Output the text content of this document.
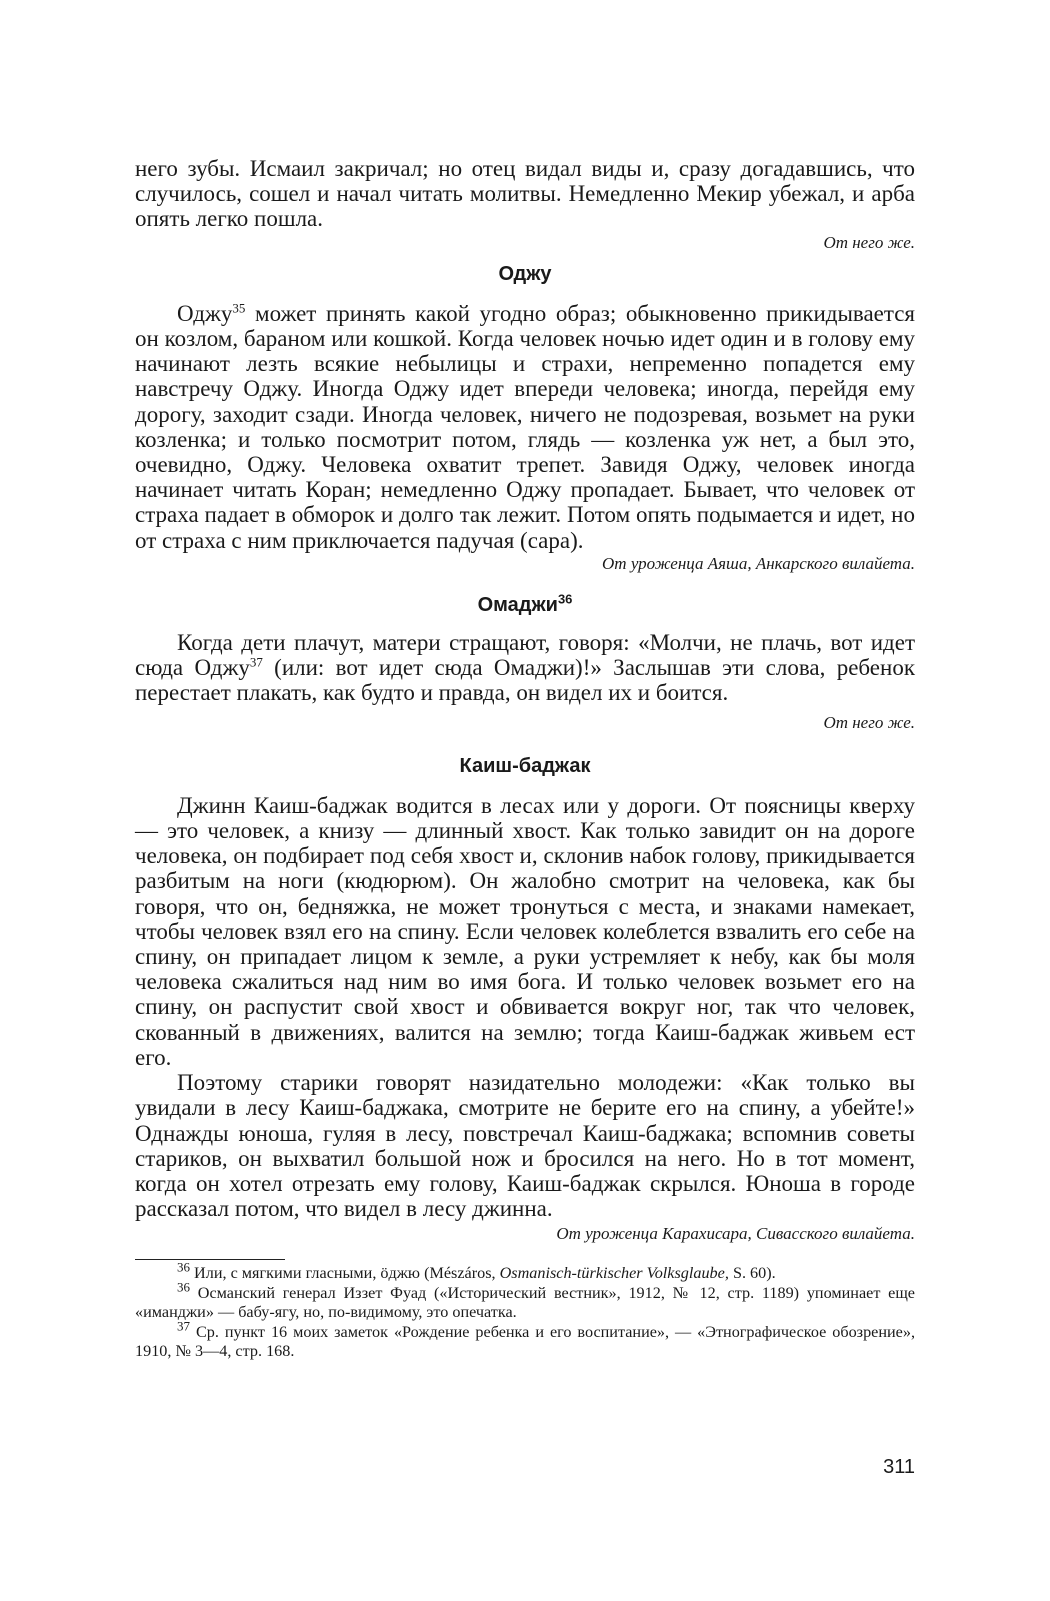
него зубы. Исмаил закричал; но отец видал виды и, сразу догадавшись, что случилось, сошел и начал читать молитвы. Немедленно Мекир убежал, и арба опять легко пошла.

От него же.

Оджу

Оджу$^{35}$ может принять какой угодно образ; обыкновенно прикидывается он козлом, бараном или кошкой. Когда человек ночью идет один и в голову ему начинают лезть всякие небылицы и страхи, непременно попадется ему навстречу Оджу. Иногда Оджу идет впереди человека; иногда, перейдя ему дорогу, заходит сзади. Иногда человек, ничего не подозревая, возьмет на руки козленка; и только посмотрит потом, глядь — козленка уж нет, а был это, очевидно, Оджу. Человека охватит трепет. Завидя Оджу, человек иногда начинает читать Коран; немедленно Оджу пропадает. Бывает, что человек от страха падает в обморок и долго так лежит. Потом опять подымается и идет, но от страха с ним приключается падучая (сара).

От уроженца Аяша, Анкарского вилайета.

Омаджи$^{36}$

Когда дети плачут, матери стращают, говоря: «Молчи, не плачь, вот идет сюда Оджу$^{37}$ (или: вот идет сюда Омаджи)!» Заслышав эти слова, ребенок перестает плакать, как будто и правда, он видел их и боится.

От него же.

Каиш-баджак

Джинн Каиш-баджак водится в лесах или у дороги. От поясницы кверху — это человек, а книзу — длинный хвост. Как только завидит он на дороге человека, он подбирает под себя хвост и, склонив набок голову, прикидывается разбитым на ноги (кюдюрюм). Он жалобно смотрит на человека, как бы говоря, что он, бедняжка, не может тронуться с места, и знаками намекает, чтобы человек взял его на спину. Если человек колеблется взвалить его себе на спину, он припадает лицом к земле, а руки устремляет к небу, как бы моля человека сжалиться над ним во имя бога. И только человек возьмет его на спину, он распустит свой хвост и обвивается вокруг ног, так что человек, скованный в движениях, валится на землю; тогда Каиш-баджак живьем ест его.

Поэтому старики говорят назидательно молодежи: «Как только вы увидали в лесу Каиш-баджака, смотрите не берите его на спину, а убейте!» Однажды юноша, гуляя в лесу, повстречал Каиш-баджака; вспомнив советы стариков, он выхватил большой нож и бросился на него. Но в тот момент, когда он хотел отрезать ему голову, Каиш-баджак скрылся. Юноша в городе рассказал потом, что видел в лесу джинна.

От уроженца Карахисара, Сивасского вилайета.

$^{36}$ Или, с мягкими гласными, ӧджю (Mészáros, Osmanisch-türkischer Volksglaube, S. 60).

$^{36}$ Османский генерал Иззет Фуад («Исторический вестник», 1912, № 12, стр. 1189) упоминает еще «иманджи» — бабу-ягу, но, по-видимому, это опечатка.

$^{37}$ Ср. пункт 16 моих заметок «Рождение ребенка и его воспитание», — «Этнографическое обозрение», 1910, № 3—4, стр. 168.

311
